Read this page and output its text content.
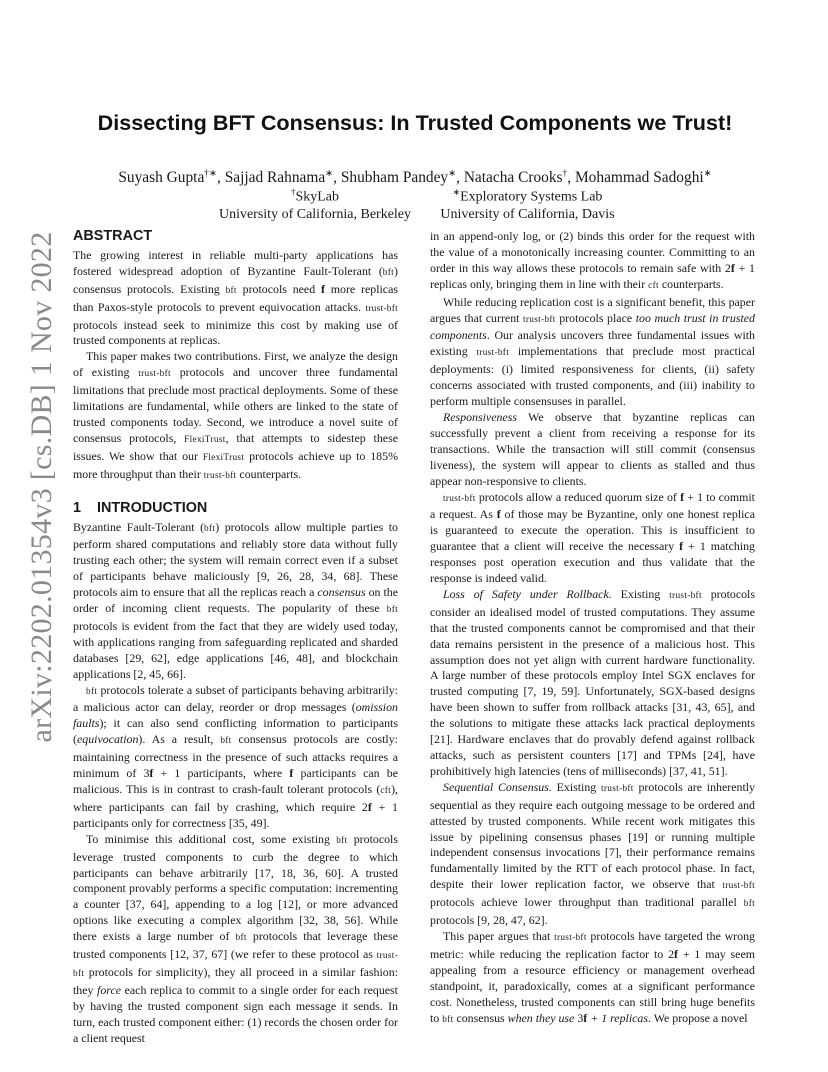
arXiv:2202.01354v3 [cs.DB] 1 Nov 2022
Dissecting BFT Consensus: In Trusted Components we Trust!
Suyash Gupta†∗, Sajjad Rahnama∗, Shubham Pandey∗, Natacha Crooks†, Mohammad Sadoghi∗
†SkyLab
University of California, Berkeley
∗Exploratory Systems Lab
University of California, Davis
ABSTRACT

The growing interest in reliable multi-party applications has fostered widespread adoption of Byzantine Fault-Tolerant (bft) consensus protocols. Existing bft protocols need f more replicas than Paxos-style protocols to prevent equivocation attacks. trust-bft protocols instead seek to minimize this cost by making use of trusted components at replicas.

This paper makes two contributions. First, we analyze the design of existing trust-bft protocols and uncover three fundamental limitations that preclude most practical deployments. Some of these limitations are fundamental, while others are linked to the state of trusted components today. Second, we introduce a novel suite of consensus protocols, FlexiTrust, that attempts to sidestep these issues. We show that our FlexiTrust protocols achieve up to 185% more throughput than their trust-bft counterparts.

1 INTRODUCTION

Byzantine Fault-Tolerant (bft) protocols allow multiple parties to perform shared computations and reliably store data without fully trusting each other; the system will remain correct even if a subset of participants behave maliciously [9, 26, 28, 34, 68]. These protocols aim to ensure that all the replicas reach a consensus on the order of incoming client requests. The popularity of these bft protocols is evident from the fact that they are widely used today, with applications ranging from safeguarding replicated and sharded databases [29, 62], edge applications [46, 48], and blockchain applications [2, 45, 66].

bft protocols tolerate a subset of participants behaving arbitrarily: a malicious actor can delay, reorder or drop messages (omission faults); it can also send conflicting information to participants (equivocation). As a result, bft consensus protocols are costly: maintaining correctness in the presence of such attacks requires a minimum of 3f + 1 participants, where f participants can be malicious. This is in contrast to crash-fault tolerant protocols (cft), where participants can fail by crashing, which require 2f + 1 participants only for correctness [35, 49].

To minimise this additional cost, some existing bft protocols leverage trusted components to curb the degree to which participants can behave arbitrarily [17, 18, 36, 60]. A trusted component provably performs a specific computation: incrementing a counter [37, 64], appending to a log [12], or more advanced options like executing a complex algorithm [32, 38, 56]. While there exists a large number of bft protocols that leverage these trusted components [12, 37, 67] (we refer to these protocol as trust-bft protocols for simplicity), they all proceed in a similar fashion: they force each replica to commit to a single order for each request by having the trusted component sign each message it sends. In turn, each trusted component either: (1) records the chosen order for a client request

in an append-only log, or (2) binds this order for the request with the value of a monotonically increasing counter. Committing to an order in this way allows these protocols to remain safe with 2f + 1 replicas only, bringing them in line with their cft counterparts.

While reducing replication cost is a significant benefit, this paper argues that current trust-bft protocols place too much trust in trusted components. Our analysis uncovers three fundamental issues with existing trust-bft implementations that preclude most practical deployments: (i) limited responsiveness for clients, (ii) safety concerns associated with trusted components, and (iii) inability to perform multiple consensuses in parallel.

Responsiveness We observe that byzantine replicas can successfully prevent a client from receiving a response for its transactions. While the transaction will still commit (consensus liveness), the system will appear to clients as stalled and thus appear non-responsive to clients.

trust-bft protocols allow a reduced quorum size of f + 1 to commit a request. As f of those may be Byzantine, only one honest replica is guaranteed to execute the operation. This is insufficient to guarantee that a client will receive the necessary f + 1 matching responses post operation execution and thus validate that the response is indeed valid.

Loss of Safety under Rollback. Existing trust-bft protocols consider an idealised model of trusted computations. They assume that the trusted components cannot be compromised and that their data remains persistent in the presence of a malicious host. This assumption does not yet align with current hardware functionality. A large number of these protocols employ Intel SGX enclaves for trusted computing [7, 19, 59]. Unfortunately, SGX-based designs have been shown to suffer from rollback attacks [31, 43, 65], and the solutions to mitigate these attacks lack practical deployments [21]. Hardware enclaves that do provably defend against rollback attacks, such as persistent counters [17] and TPMs [24], have prohibitively high latencies (tens of milliseconds) [37, 41, 51].

Sequential Consensus. Existing trust-bft protocols are inherently sequential as they require each outgoing message to be ordered and attested by trusted components. While recent work mitigates this issue by pipelining consensus phases [19] or running multiple independent consensus invocations [7], their performance remains fundamentally limited by the RTT of each protocol phase. In fact, despite their lower replication factor, we observe that trust-bft protocols achieve lower throughput than traditional parallel bft protocols [9, 28, 47, 62].

This paper argues that trust-bft protocols have targeted the wrong metric: while reducing the replication factor to 2f + 1 may seem appealing from a resource efficiency or management overhead standpoint, it, paradoxically, comes at a significant performance cost. Nonetheless, trusted components can still bring huge benefits to bft consensus when they use 3f + 1 replicas. We propose a novel
